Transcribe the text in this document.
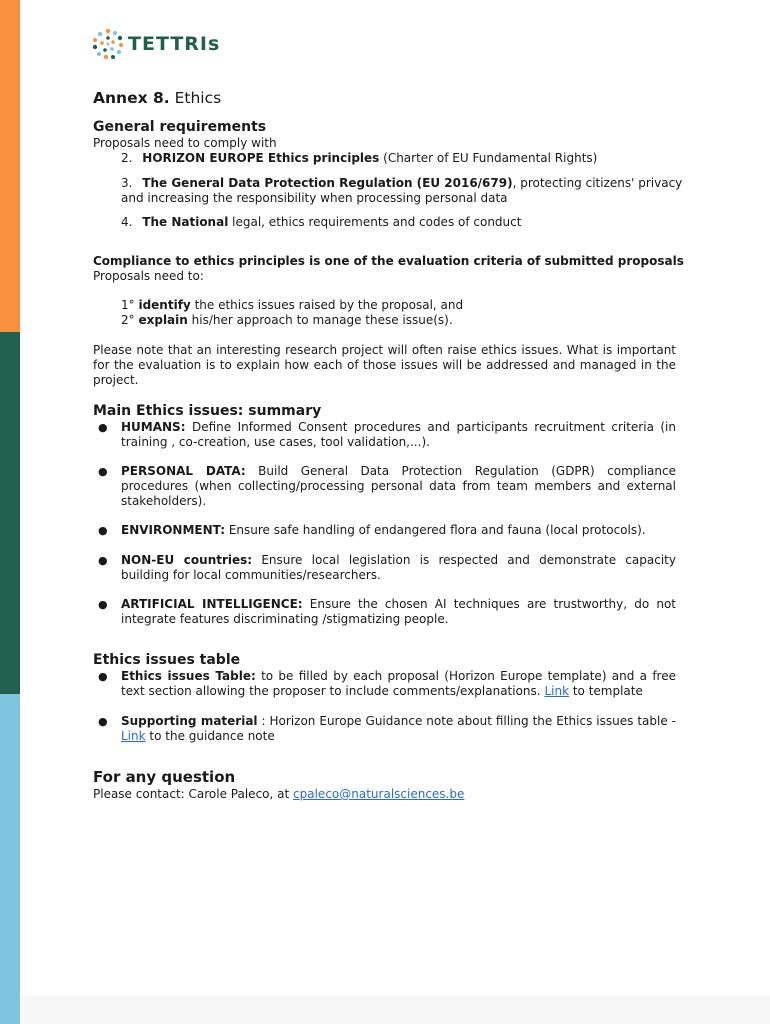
TETTRIs
Annex 8. Ethics
General requirements
Proposals need to comply with
2. HORIZON EUROPE Ethics principles (Charter of EU Fundamental Rights)
3. The General Data Protection Regulation (EU 2016/679), protecting citizens' privacy
and increasing the responsibility when processing personal data
4. The National legal, ethics requirements and codes of conduct
Compliance to ethics principles is one of the evaluation criteria of submitted proposals
Proposals need to:
1° identify the ethics issues raised by the proposal, and
2° explain his/her approach to manage these issue(s).
Please note that an interesting research project will often raise ethics issues. What is important for the evaluation is to explain how each of those issues will be addressed and managed in the project.
Main Ethics issues: summary
● HUMANS: Define Informed Consent procedures and participants recruitment criteria (in training , co-creation, use cases, tool validation,...).
● PERSONAL DATA: Build General Data Protection Regulation (GDPR) compliance procedures (when collecting/processing personal data from team members and external stakeholders).
● ENVIRONMENT: Ensure safe handling of endangered flora and fauna (local protocols).
● NON-EU countries: Ensure local legislation is respected and demonstrate capacity building for local communities/researchers.
● ARTIFICIAL INTELLIGENCE: Ensure the chosen AI techniques are trustworthy, do not integrate features discriminating /stigmatizing people.
Ethics issues table
● Ethics issues Table: to be filled by each proposal (Horizon Europe template) and a free text section allowing the proposer to include comments/explanations. Link to template
● Supporting material : Horizon Europe Guidance note about filling the Ethics issues table - Link to the guidance note
For any question
Please contact: Carole Paleco, at cpaleco@naturalsciences.be
